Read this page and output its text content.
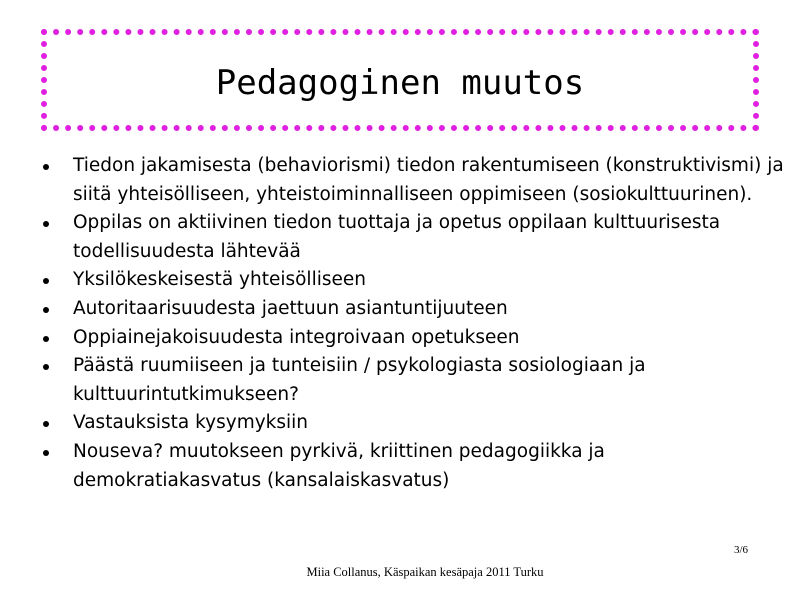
Pedagoginen muutos
Tiedon jakamisesta (behaviorismi) tiedon rakentumiseen (konstruktivismi) ja siitä yhteisölliseen, yhteistoiminnalliseen oppimiseen (sosiokulttuurinen).
Oppilas on aktiivinen tiedon tuottaja ja opetus oppilaan kulttuurisesta todellisuudesta lähtevää
Yksilökeskeisestä yhteisölliseen
Autoritaarisuudesta jaettuun asiantuntijuuteen
Oppiainejakoisuudesta integroivaan opetukseen
Päästä ruumiiseen ja tunteisiin / psykologiasta sosiologiaan ja kulttuurintutkimukseen?
Vastauksista kysymyksiin
Nouseva? muutokseen pyrkivä, kriittinen pedagogiikka ja demokratiakasvatus (kansalaiskasvatus)
3/6
Miia Collanus, Käspaikan kesäpaja 2011 Turku
